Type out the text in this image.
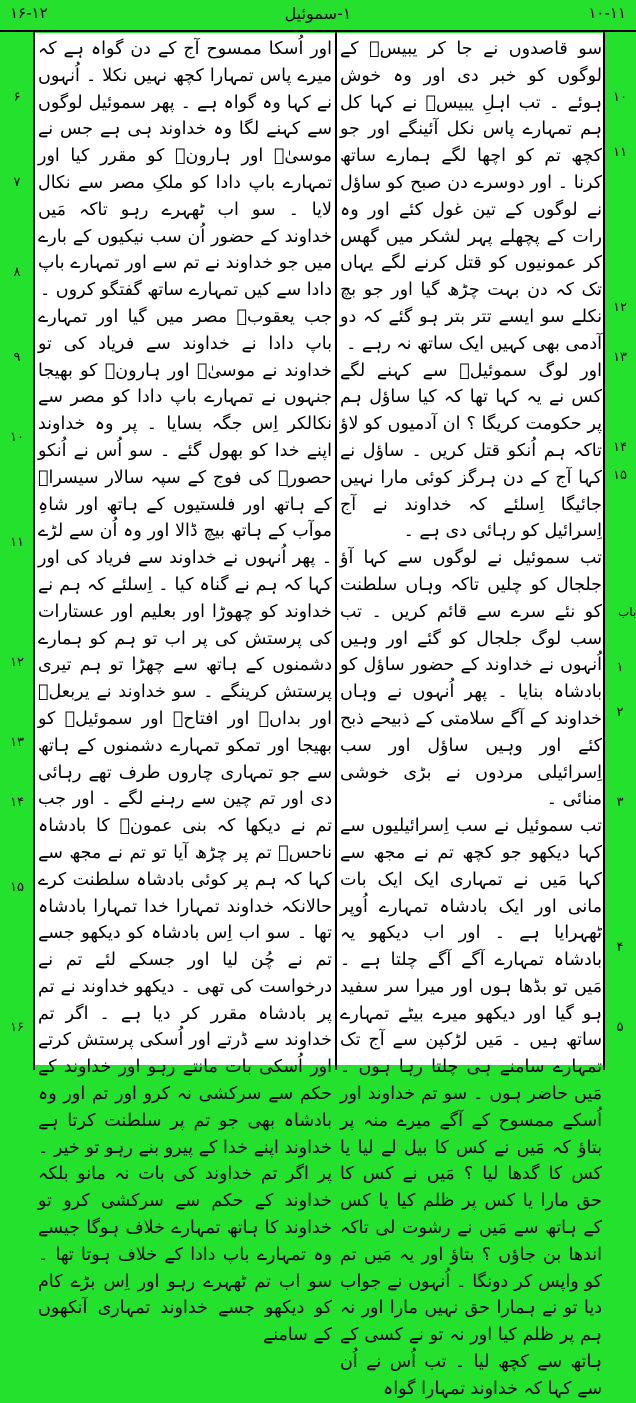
۱۶-۱۲	۱-سموئیل	۱۰-۱۱

سو قاصدوں نے جا کر یبیسؔ کے لوگوں کو خبر دی اور وہ خوش ہوئے ۔ تب اہلِ یبیسؔ نے کہا کل ہم تمہارے پاس نکل آئینگے اور جو کچھ تم کو اچھا لگے ہمارے ساتھ کرنا ۔ اور دوسرے دن صبح کو ساؤل نے لوگوں کے تین غول کئے اور وہ رات کے پچھلے پہر لشکر میں گھس کر عمونیوں کو قتل کرنے لگے یہاں تک کہ دن بہت چڑھ گیا اور جو بچ نکلے سو ایسے تتر بتر ہو گئے کہ دو آدمی بھی کہیں ایک ساتھ نہ رہے ۔

اور لوگ سموئیلؔ سے کہنے لگے کس نے یہ کہا تھا کہ کیا ساؤل ہم پر حکومت کریگا ؟ ان آدمیوں کو لاؤ تاکہ ہم اُنکو قتل کریں ۔ ساؤل نے کہا آج کے دن ہرگز کوئی مارا نہیں جائیگا اِسلئے کہ خداوند نے آج اِسرائیل کو رہائی دی ہے ۔

تب سموئیل نے لوگوں سے کہا آؤ جلجال کو چلیں تاکہ وہاں سلطنت کو نئے سرے سے قائم کریں ۔ تب سب لوگ جلجال کو گئے اور وہیں اُنہوں نے خداوند کے حضور ساؤل کو بادشاہ بنایا ۔ پھر اُنہوں نے وہاں خداوند کے آگے سلامتی کے ذبیحے ذبح کئے اور وہیں ساؤل اور سب اِسرائیلی مردوں نے بڑی خوشی منائی ۔

تب سموئیل نے سب اِسرائیلیوں سے کہا دیکھو جو کچھ تم نے مجھ سے کہا مَیں نے تمہاری ایک ایک بات مانی اور ایک بادشاہ تمہارے اُوپر ٹھہرایا ہے ۔ اور اب دیکھو یہ بادشاہ تمہارے آگے آگے چلتا ہے ۔ مَیں تو بڈھا ہوں اور میرا سر سفید ہو گیا اور دیکھو میرے بیٹے تمہارے ساتھ ہیں ۔ مَیں لڑکپن سے آج تک تمہارے سامنے ہی چلتا رہا ہوں ۔ مَیں حاضر ہوں ۔ سو تم خداوند اور اُسکے ممسوح کے آگے میرے منہ پر بتاؤ کہ مَیں نے کس کا بیل لے لیا یا کس کا گدھا لیا ؟ مَیں نے کس کا حق مارا یا کس پر ظلم کیا یا کس کے ہاتھ سے مَیں نے رشوت لی تاکہ اندھا بن جاؤں ؟ بتاؤ اور یہ مَیں تم کو واپس کر دونگا ۔ اُنہوں نے جواب دیا تو نے ہمارا حق نہیں مارا اور نہ ہم پر ظلم کیا اور نہ تو نے کسی کے ہاتھ سے کچھ لیا ۔ تب اُس نے اُن سے کہا کہ خداوند تمہارا گواہ

اور اُسکا ممسوح آج کے دن گواہ ہے کہ میرے پاس تمہارا کچھ نہیں نکلا ۔ اُنہوں نے کہا وہ گواہ ہے ۔ پھر سموئیل لوگوں سے کہنے لگا وہ خداوند ہی ہے جس نے موسیٰؔ اور ہارونؔ کو مقرر کیا اور تمہارے باپ دادا کو ملکِ مصر سے نکال لایا ۔ سو اب ٹھہرے رہو تاکہ مَیں خداوند کے حضور اُن سب نیکیوں کے بارے میں جو خداوند نے تم سے اور تمہارے باپ دادا سے کیں تمہارے ساتھ گفتگو کروں ۔

جب یعقوبؔ مصر میں گیا اور تمہارے باپ دادا نے خداوند سے فریاد کی تو خداوند نے موسیٰؔ اور ہارونؔ کو بھیجا جنہوں نے تمہارے باپ دادا کو مصر سے نکالکر اِس جگہ بسایا ۔ پر وہ خداوند اپنے خدا کو بھول گئے ۔ سو اُس نے اُنکو حصورؔ کی فوج کے سپہ سالار سیسراؔ کے ہاتھ اور فلستیوں کے ہاتھ اور شاہِ موآب کے ہاتھ بیچ ڈالا اور وہ اُن سے لڑے ۔ پھر اُنہوں نے خداوند سے فریاد کی اور کہا کہ ہم نے گناہ کیا ۔ اِسلئے کہ ہم نے خداوند کو چھوڑا اور بعلیم اور عستارات کی پرستش کی پر اب تو ہم کو ہمارے دشمنوں کے ہاتھ سے چھڑا تو ہم تیری پرستش کرینگے ۔ سو خداوند نے یربعلؔ اور بداںؔ اور افتاحؔ اور سموئیلؔ کو بھیجا اور تمکو تمہارے دشمنوں کے ہاتھ سے جو تمہاری چاروں طرف تھے رہائی دی اور تم چین سے رہنے لگے ۔ اور جب تم نے دیکھا کہ بنی عمونؔ کا بادشاہ ناحسؔ تم پر چڑھ آیا تو تم نے مجھ سے کہا کہ ہم پر کوئی بادشاہ سلطنت کرے حالانکہ خداوند تمہارا خدا تمہارا بادشاہ تھا ۔ سو اب اِس بادشاہ کو دیکھو جسے تم نے چُن لیا اور جسکے لئے تم نے درخواست کی تھی ۔ دیکھو خداوند نے تم پر بادشاہ مقرر کر دیا ہے ۔ اگر تم خداوند سے ڈرتے اور اُسکی پرستش کرتے اور اُسکی بات مانتے رہو اور خداوند کے حکم سے سرکشی نہ کرو اور تم اور وہ بادشاہ بھی جو تم پر سلطنت کرتا ہے خداوند اپنے خدا کے پیرو بنے رہو تو خیر ۔ پر اگر تم خداوند کی بات نہ مانو بلکہ خداوند کے حکم سے سرکشی کرو تو خداوند کا ہاتھ تمہارے خلاف ہوگا جیسے وہ تمہارے باپ دادا کے خلاف ہوتا تھا ۔ سو اب تم ٹھہرے رہو اور اِس بڑے کام کو دیکھو جسے خداوند تمہاری آنکھوں کے سامنے

۱۰
۱۱
۱۲
۱۳
۱۴
۱۵
۱
۲
۳
۴
۵
باب
۶
۷
۸
۹
۱۰
۱۱
۱۲
۱۳
۱۴
۱۵
۱۶
